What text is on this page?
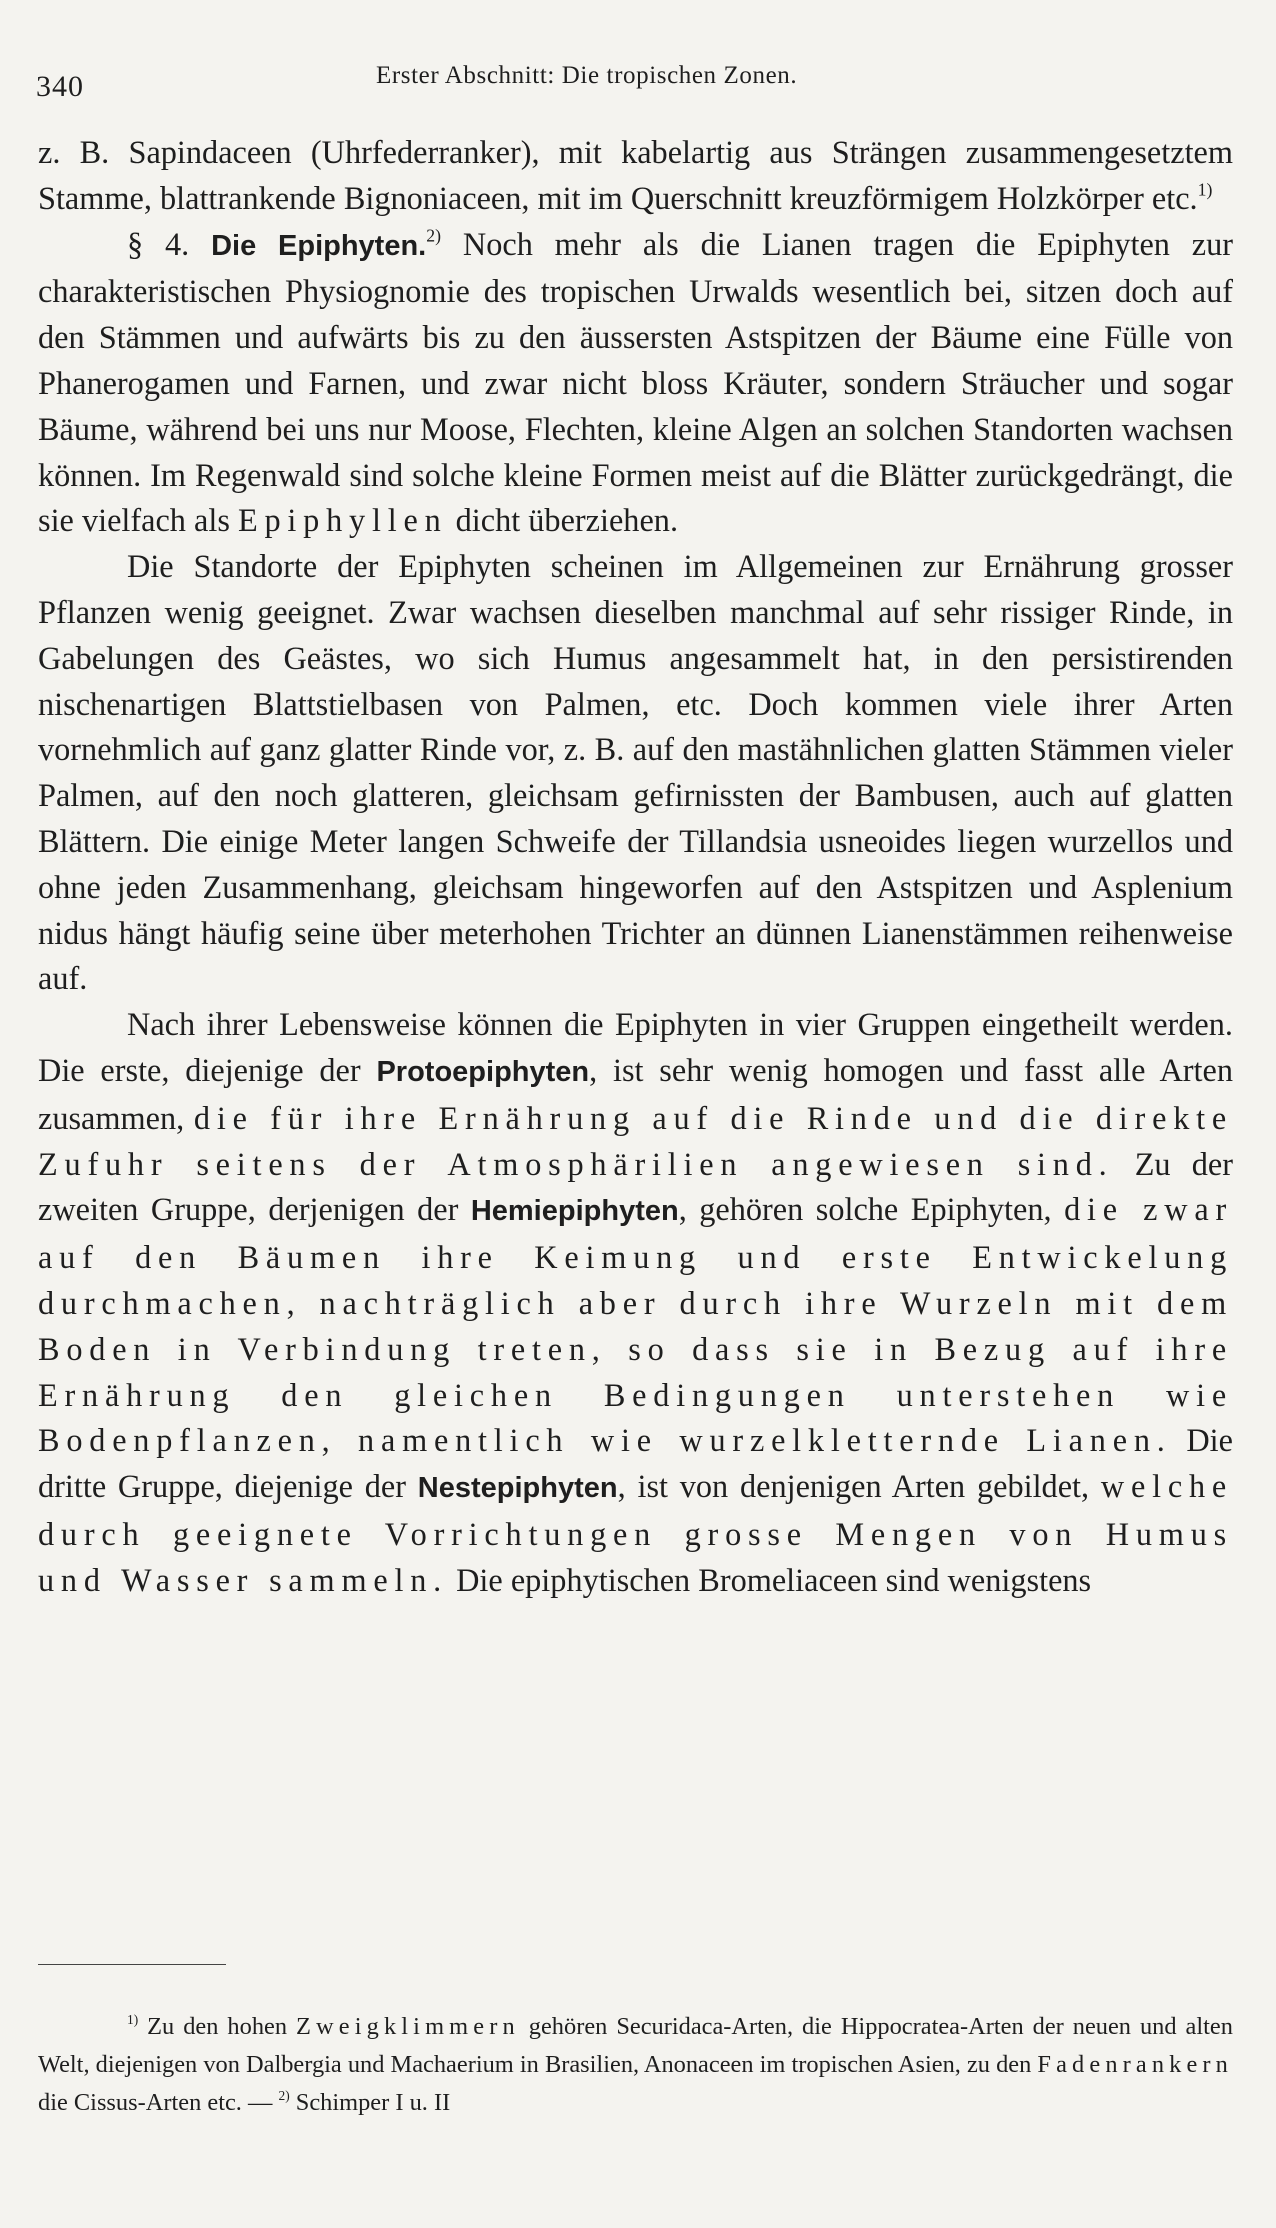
340	Erster Abschnitt: Die tropischen Zonen.

z. B. Sapindaceen (Uhrfederranker), mit kabelartig aus Strängen zusammengesetztem Stamme, blattrankende Bignoniaceen, mit im Querschnitt kreuzförmigem Holzkörper etc.$^{1)}$

§ 4. Die Epiphyten.$^{2)}$ Noch mehr als die Lianen tragen die Epiphyten zur charakteristischen Physiognomie des tropischen Urwalds wesentlich bei, sitzen doch auf den Stämmen und aufwärts bis zu den äussersten Astspitzen der Bäume eine Fülle von Phanerogamen und Farnen, und zwar nicht bloss Kräuter, sondern Sträucher und sogar Bäume, während bei uns nur Moose, Flechten, kleine Algen an solchen Standorten wachsen können. Im Regenwald sind solche kleine Formen meist auf die Blätter zurückgedrängt, die sie vielfach als Epiphyllen dicht überziehen.

Die Standorte der Epiphyten scheinen im Allgemeinen zur Ernährung grosser Pflanzen wenig geeignet. Zwar wachsen dieselben manchmal auf sehr rissiger Rinde, in Gabelungen des Geästes, wo sich Humus angesammelt hat, in den persistirenden nischenartigen Blattstielbasen von Palmen, etc. Doch kommen viele ihrer Arten vornehmlich auf ganz glatter Rinde vor, z. B. auf den mastähnlichen glatten Stämmen vieler Palmen, auf den noch glatteren, gleichsam gefirnissten der Bambusen, auch auf glatten Blättern. Die einige Meter langen Schweife der Tillandsia usneoides liegen wurzellos und ohne jeden Zusammenhang, gleichsam hingeworfen auf den Astspitzen und Asplenium nidus hängt häufig seine über meterhohen Trichter an dünnen Lianenstämmen reihenweise auf.

Nach ihrer Lebensweise können die Epiphyten in vier Gruppen eingetheilt werden. Die erste, diejenige der Protoepiphyten, ist sehr wenig homogen und fasst alle Arten zusammen, die für ihre Ernährung auf die Rinde und die direkte Zufuhr seitens der Atmosphärilien angewiesen sind. Zu der zweiten Gruppe, derjenigen der Hemiepiphyten, gehören solche Epiphyten, die zwar auf den Bäumen ihre Keimung und erste Entwickelung durchmachen, nachträglich aber durch ihre Wurzeln mit dem Boden in Verbindung treten, so dass sie in Bezug auf ihre Ernährung den gleichen Bedingungen unterstehen wie Bodenpflanzen, namentlich wie wurzelkletternde Lianen. Die dritte Gruppe, diejenige der Nestepiphyten, ist von denjenigen Arten gebildet, welche durch geeignete Vorrichtungen grosse Mengen von Humus und Wasser sammeln. Die epiphytischen Bromeliaceen sind wenigstens

$^{1)}$ Zu den hohen Zweigklimmern gehören Securidaca-Arten, die Hippocratea-Arten der neuen und alten Welt, diejenigen von Dalbergia und Machaerium in Brasilien, Anonaceen im tropischen Asien, zu den Fadenrankern die Cissus-Arten etc. — $^{2)}$ Schimper I u. II
